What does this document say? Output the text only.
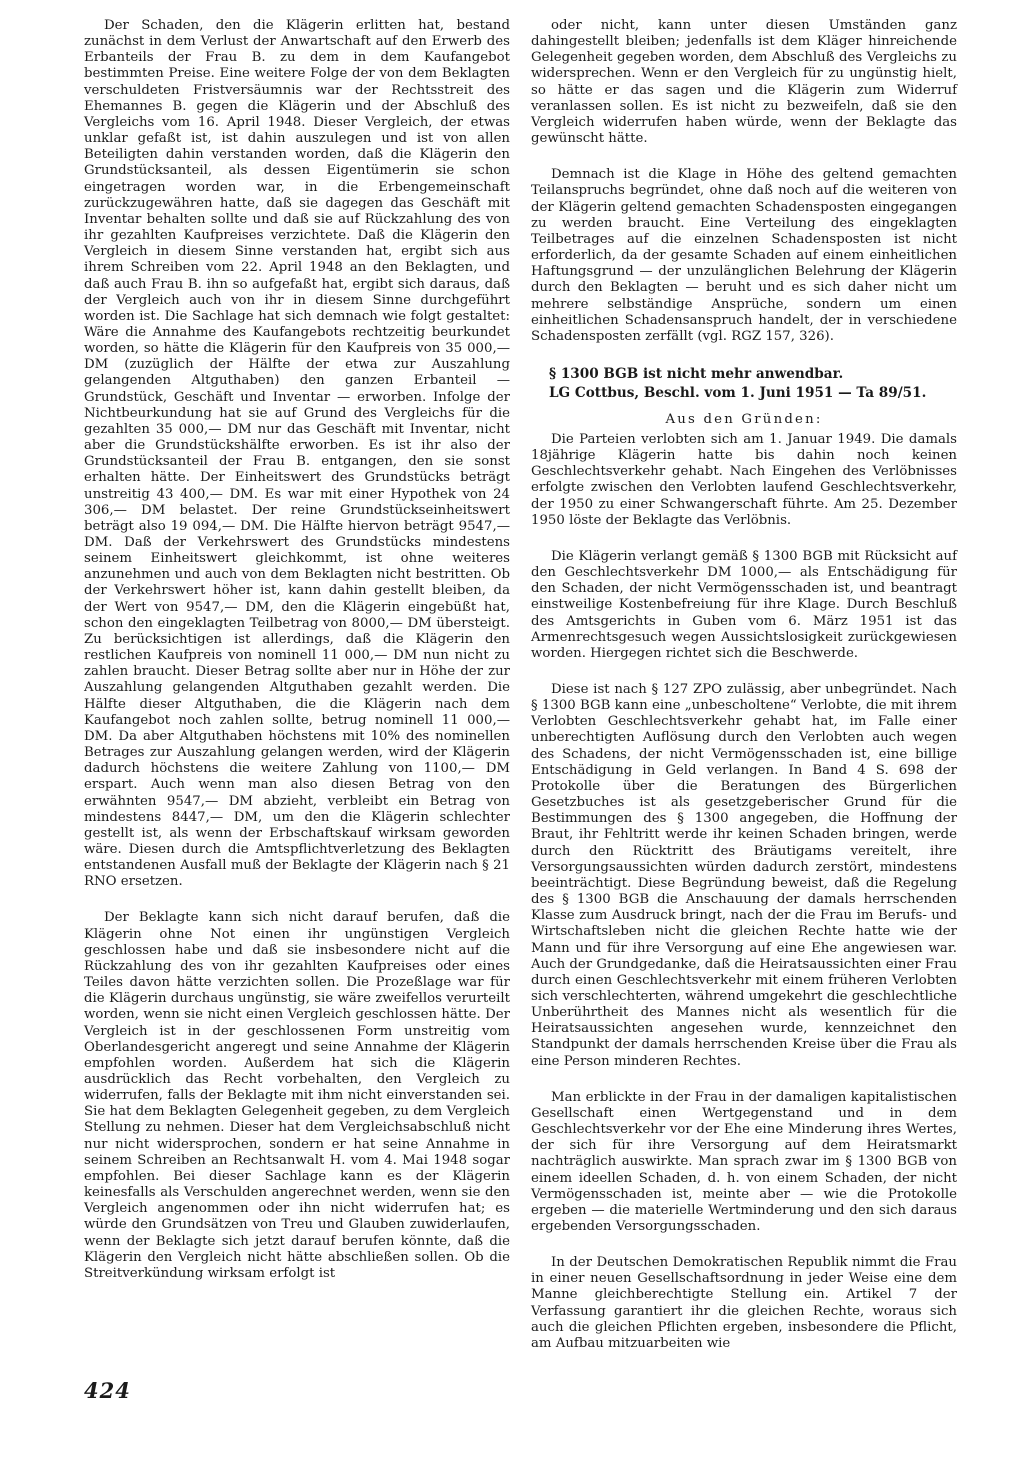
Der Schaden, den die Klägerin erlitten hat, bestand zunächst in dem Verlust der Anwartschaft auf den Erwerb des Erbanteils der Frau B. zu dem in dem Kaufangebot bestimmten Preise. Eine weitere Folge der von dem Beklagten verschuldeten Fristversäumnis war der Rechtsstreit des Ehemannes B. gegen die Klägerin und der Abschluß des Vergleichs vom 16. April 1948. Dieser Vergleich, der etwas unklar gefaßt ist, ist dahin auszulegen und ist von allen Beteiligten dahin verstanden worden, daß die Klägerin den Grundstücksanteil, als dessen Eigentümerin sie schon eingetragen worden war, in die Erbengemeinschaft zurückzugewähren hatte, daß sie dagegen das Geschäft mit Inventar behalten sollte und daß sie auf Rückzahlung des von ihr gezahlten Kaufpreises verzichtete. Daß die Klägerin den Vergleich in diesem Sinne verstanden hat, ergibt sich aus ihrem Schreiben vom 22. April 1948 an den Beklagten, und daß auch Frau B. ihn so aufgefaßt hat, ergibt sich daraus, daß der Vergleich auch von ihr in diesem Sinne durchgeführt worden ist. Die Sachlage hat sich demnach wie folgt gestaltet: Wäre die Annahme des Kaufangebots rechtzeitig beurkundet worden, so hätte die Klägerin für den Kaufpreis von 35 000,— DM (zuzüglich der Hälfte der etwa zur Auszahlung gelangenden Altguthaben) den ganzen Erbanteil — Grundstück, Geschäft und Inventar — erworben. Infolge der Nichtbeurkundung hat sie auf Grund des Vergleichs für die gezahlten 35 000,— DM nur das Geschäft mit Inventar, nicht aber die Grundstückshälfte erworben. Es ist ihr also der Grundstücksanteil der Frau B. entgangen, den sie sonst erhalten hätte. Der Einheitswert des Grundstücks beträgt unstreitig 43 400,— DM. Es war mit einer Hypothek von 24 306,— DM belastet. Der reine Grundstückseinheitswert beträgt also 19 094,— DM. Die Hälfte hiervon beträgt 9547,— DM. Daß der Verkehrswert des Grundstücks mindestens seinem Einheitswert gleichkommt, ist ohne weiteres anzunehmen und auch von dem Beklagten nicht bestritten. Ob der Verkehrswert höher ist, kann dahin gestellt bleiben, da der Wert von 9547,— DM, den die Klägerin eingebüßt hat, schon den eingeklagten Teilbetrag von 8000,— DM übersteigt. Zu berücksichtigen ist allerdings, daß die Klägerin den restlichen Kaufpreis von nominell 11 000,— DM nun nicht zu zahlen braucht. Dieser Betrag sollte aber nur in Höhe der zur Auszahlung gelangenden Altguthaben gezahlt werden. Die Hälfte dieser Altguthaben, die die Klägerin nach dem Kaufangebot noch zahlen sollte, betrug nominell 11 000,— DM. Da aber Altguthaben höchstens mit 10% des nominellen Betrages zur Auszahlung gelangen werden, wird der Klägerin dadurch höchstens die weitere Zahlung von 1100,— DM erspart. Auch wenn man also diesen Betrag von den erwähnten 9547,— DM abzieht, verbleibt ein Betrag von mindestens 8447,— DM, um den die Klägerin schlechter gestellt ist, als wenn der Erbschaftskauf wirksam geworden wäre. Diesen durch die Amtspflichtverletzung des Beklagten entstandenen Ausfall muß der Beklagte der Klägerin nach § 21 RNO ersetzen.

Der Beklagte kann sich nicht darauf berufen, daß die Klägerin ohne Not einen ihr ungünstigen Vergleich geschlossen habe und daß sie insbesondere nicht auf die Rückzahlung des von ihr gezahlten Kaufpreises oder eines Teiles davon hätte verzichten sollen. Die Prozeßlage war für die Klägerin durchaus ungünstig, sie wäre zweifellos verurteilt worden, wenn sie nicht einen Vergleich geschlossen hätte. Der Vergleich ist in der geschlossenen Form unstreitig vom Oberlandesgericht angeregt und seine Annahme der Klägerin empfohlen worden. Außerdem hat sich die Klägerin ausdrücklich das Recht vorbehalten, den Vergleich zu widerrufen, falls der Beklagte mit ihm nicht einverstanden sei. Sie hat dem Beklagten Gelegenheit gegeben, zu dem Vergleich Stellung zu nehmen. Dieser hat dem Vergleichsabschluß nicht nur nicht widersprochen, sondern er hat seine Annahme in seinem Schreiben an Rechtsanwalt H. vom 4. Mai 1948 sogar empfohlen. Bei dieser Sachlage kann es der Klägerin keinesfalls als Verschulden angerechnet werden, wenn sie den Vergleich angenommen oder ihn nicht widerrufen hat; es würde den Grundsätzen von Treu und Glauben zuwiderlaufen, wenn der Beklagte sich jetzt darauf berufen könnte, daß die Klägerin den Vergleich nicht hätte abschließen sollen. Ob die Streitverkündung wirksam erfolgt ist

oder nicht, kann unter diesen Umständen ganz dahingestellt bleiben; jedenfalls ist dem Kläger hinreichende Gelegenheit gegeben worden, dem Abschluß des Vergleichs zu widersprechen. Wenn er den Vergleich für zu ungünstig hielt, so hätte er das sagen und die Klägerin zum Widerruf veranlassen sollen. Es ist nicht zu bezweifeln, daß sie den Vergleich widerrufen haben würde, wenn der Beklagte das gewünscht hätte.

Demnach ist die Klage in Höhe des geltend gemachten Teilanspruchs begründet, ohne daß noch auf die weiteren von der Klägerin geltend gemachten Schadensposten eingegangen zu werden braucht. Eine Verteilung des eingeklagten Teilbetrages auf die einzelnen Schadensposten ist nicht erforderlich, da der gesamte Schaden auf einem einheitlichen Haftungsgrund — der unzulänglichen Belehrung der Klägerin durch den Beklagten — beruht und es sich daher nicht um mehrere selbständige Ansprüche, sondern um einen einheitlichen Schadensanspruch handelt, der in verschiedene Schadensposten zerfällt (vgl. RGZ 157, 326).

§ 1300 BGB ist nicht mehr anwendbar.

LG Cottbus, Beschl. vom 1. Juni 1951 — Ta 89/51.

Aus den Gründen:

Die Parteien verlobten sich am 1. Januar 1949. Die damals 18jährige Klägerin hatte bis dahin noch keinen Geschlechtsverkehr gehabt. Nach Eingehen des Verlöbnisses erfolgte zwischen den Verlobten laufend Geschlechtsverkehr, der 1950 zu einer Schwangerschaft führte. Am 25. Dezember 1950 löste der Beklagte das Verlöbnis.

Die Klägerin verlangt gemäß § 1300 BGB mit Rücksicht auf den Geschlechtsverkehr DM 1000,— als Entschädigung für den Schaden, der nicht Vermögensschaden ist, und beantragt einstweilige Kostenbefreiung für ihre Klage. Durch Beschluß des Amtsgerichts in Guben vom 6. März 1951 ist das Armenrechtsgesuch wegen Aussichtslosigkeit zurückgewiesen worden. Hiergegen richtet sich die Beschwerde.

Diese ist nach § 127 ZPO zulässig, aber unbegründet. Nach § 1300 BGB kann eine „unbescholtene“ Verlobte, die mit ihrem Verlobten Geschlechtsverkehr gehabt hat, im Falle einer unberechtigten Auflösung durch den Verlobten auch wegen des Schadens, der nicht Vermögensschaden ist, eine billige Entschädigung in Geld verlangen. In Band 4 S. 698 der Protokolle über die Beratungen des Bürgerlichen Gesetzbuches ist als gesetzgeberischer Grund für die Bestimmungen des § 1300 angegeben, die Hoffnung der Braut, ihr Fehltritt werde ihr keinen Schaden bringen, werde durch den Rücktritt des Bräutigams vereitelt, ihre Versorgungsaussichten würden dadurch zerstört, mindestens beeinträchtigt. Diese Begründung beweist, daß die Regelung des § 1300 BGB die Anschauung der damals herrschenden Klasse zum Ausdruck bringt, nach der die Frau im Berufs- und Wirtschaftsleben nicht die gleichen Rechte hatte wie der Mann und für ihre Versorgung auf eine Ehe angewiesen war. Auch der Grundgedanke, daß die Heiratsaussichten einer Frau durch einen Geschlechtsverkehr mit einem früheren Verlobten sich verschlechterten, während umgekehrt die geschlechtliche Unberührtheit des Mannes nicht als wesentlich für die Heiratsaussichten angesehen wurde, kennzeichnet den Standpunkt der damals herrschenden Kreise über die Frau als eine Person minderen Rechtes.

Man erblickte in der Frau in der damaligen kapitalistischen Gesellschaft einen Wertgegenstand und in dem Geschlechtsverkehr vor der Ehe eine Minderung ihres Wertes, der sich für ihre Versorgung auf dem Heiratsmarkt nachträglich auswirkte. Man sprach zwar im § 1300 BGB von einem ideellen Schaden, d. h. von einem Schaden, der nicht Vermögensschaden ist, meinte aber — wie die Protokolle ergeben — die materielle Wertminderung und den sich daraus ergebenden Versorgungsschaden.

In der Deutschen Demokratischen Republik nimmt die Frau in einer neuen Gesellschaftsordnung in jeder Weise eine dem Manne gleichberechtigte Stellung ein. Artikel 7 der Verfassung garantiert ihr die gleichen Rechte, woraus sich auch die gleichen Pflichten ergeben, insbesondere die Pflicht, am Aufbau mitzuarbeiten wie

424
